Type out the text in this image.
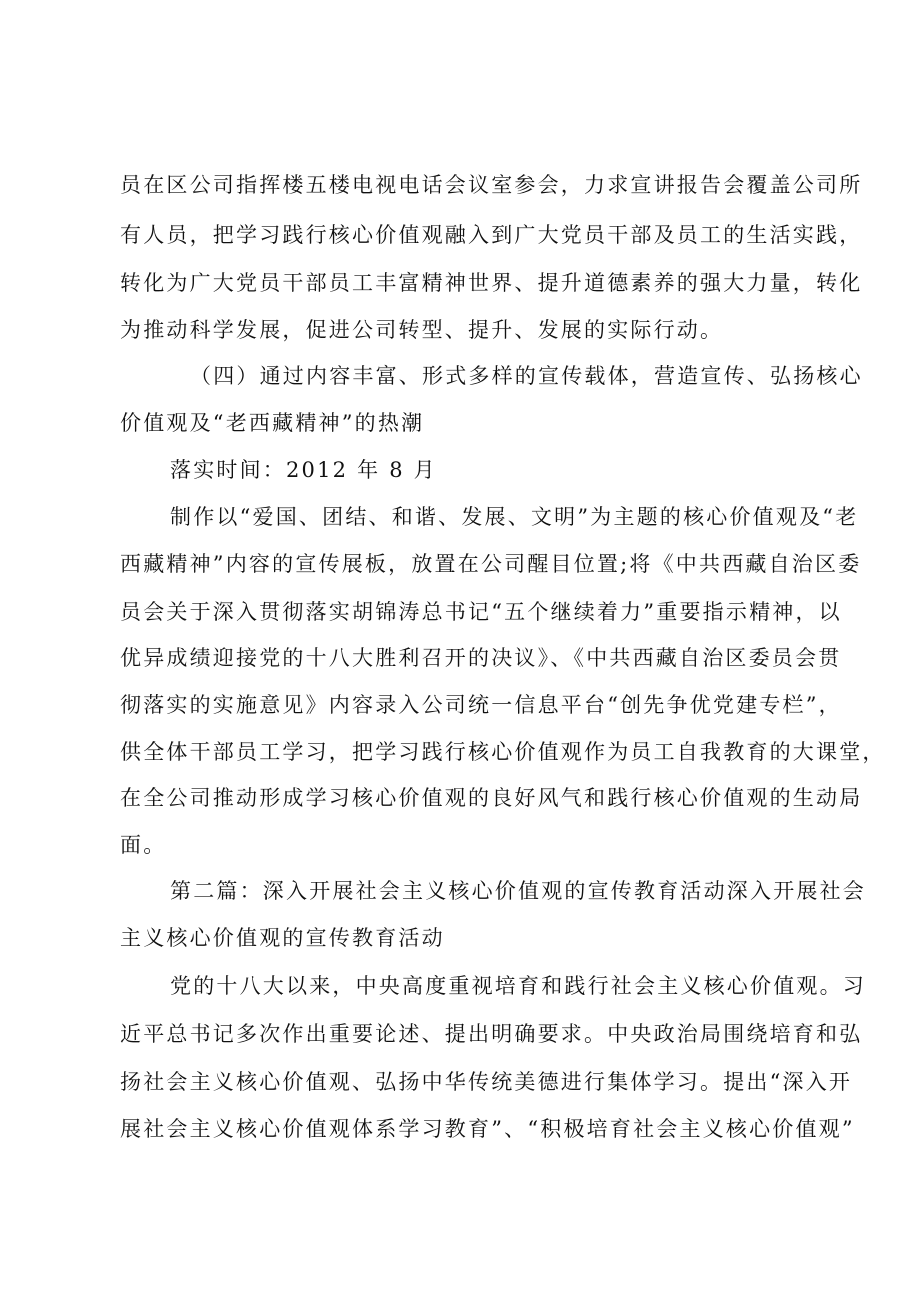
员在区公司指挥楼五楼电视电话会议室参会，力求宣讲报告会覆盖公司所
有人员，把学习践行核心价值观融入到广大党员干部及员工的生活实践，
转化为广大党员干部员工丰富精神世界、提升道德素养的强大力量，转化
为推动科学发展，促进公司转型、提升、发展的实际行动。
（四）通过内容丰富、形式多样的宣传载体，营造宣传、弘扬核心
价值观及“老西藏精神”的热潮
落实时间：2012 年 8 月
制作以“爱国、团结、和谐、发展、文明”为主题的核心价值观及“老
西藏精神”内容的宣传展板，放置在公司醒目位置;将《中共西藏自治区委
员会关于深入贯彻落实胡锦涛总书记“五个继续着力”重要指示精神，以
优异成绩迎接党的十八大胜利召开的决议》、《中共西藏自治区委员会贯
彻落实的实施意见》内容录入公司统一信息平台“创先争优党建专栏”，
供全体干部员工学习，把学习践行核心价值观作为员工自我教育的大课堂，
在全公司推动形成学习核心价值观的良好风气和践行核心价值观的生动局
面。
第二篇：深入开展社会主义核心价值观的宣传教育活动深入开展社会
主义核心价值观的宣传教育活动
党的十八大以来，中央高度重视培育和践行社会主义核心价值观。习
近平总书记多次作出重要论述、提出明确要求。中央政治局围绕培育和弘
扬社会主义核心价值观、弘扬中华传统美德进行集体学习。提出“深入开
展社会主义核心价值观体系学习教育”、“积极培育社会主义核心价值观”
